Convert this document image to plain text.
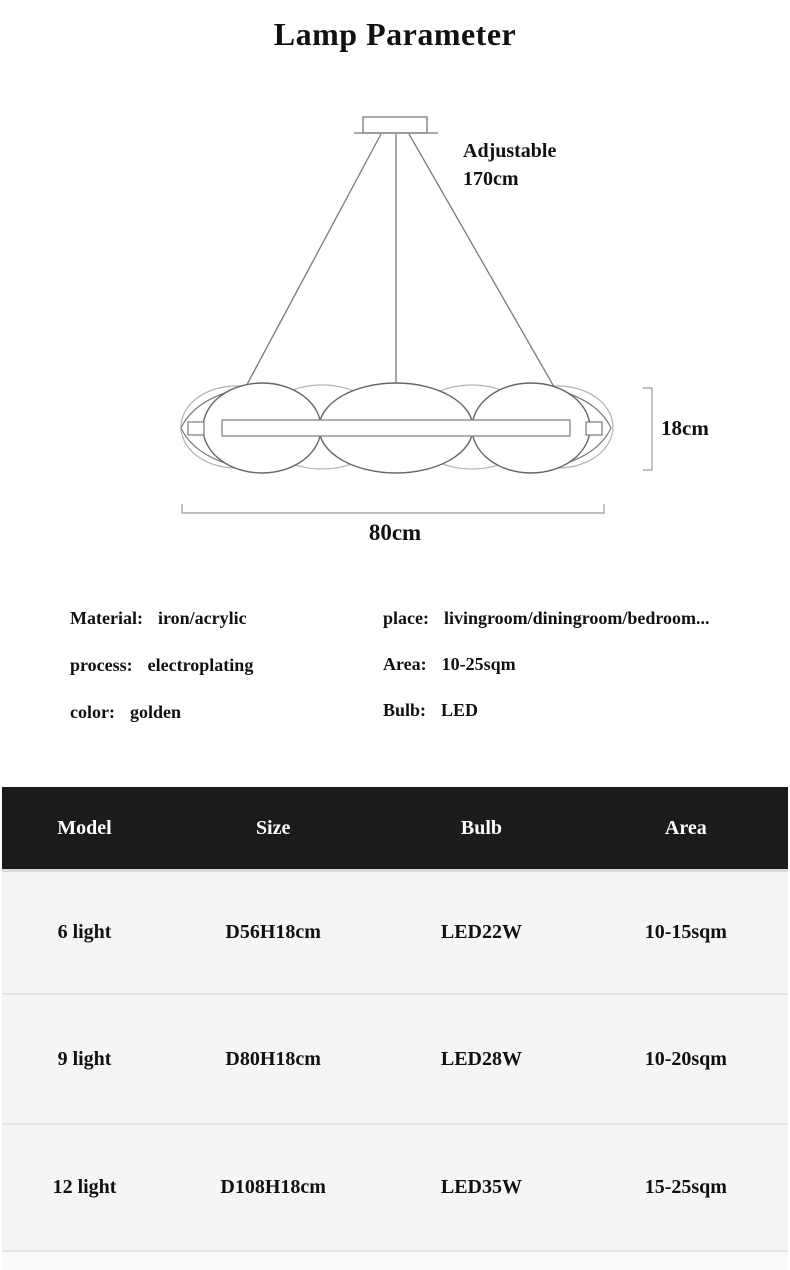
Lamp Parameter
Adjustable
170cm
18cm
80cm
Material: iron/acrylic
process: electroplating
color: golden
place: livingroom/diningroom/bedroom...
Area: 10-25sqm
Bulb: LED
Model	Size	Bulb	Area
6 light	D56H18cm	LED22W	10-15sqm
9 light	D80H18cm	LED28W	10-20sqm
12 light	D108H18cm	LED35W	15-25sqm
